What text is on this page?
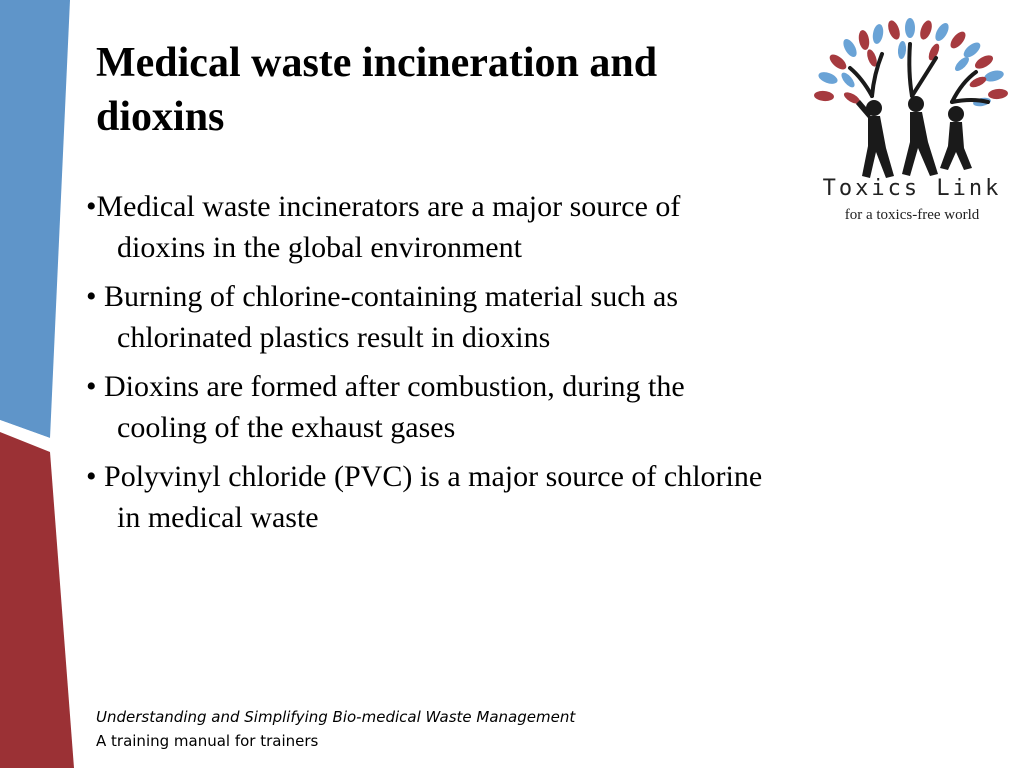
Medical waste incineration and dioxins
•Medical waste incinerators are a major source of dioxins in the global environment
• Burning of chlorine-containing material such as chlorinated plastics result in dioxins
• Dioxins are formed after combustion, during the cooling of the exhaust gases
• Polyvinyl chloride (PVC) is a major source of chlorine in medical waste
Toxics Link
for a toxics-free world
Understanding and Simplifying Bio-medical Waste Management
A training manual for trainers
